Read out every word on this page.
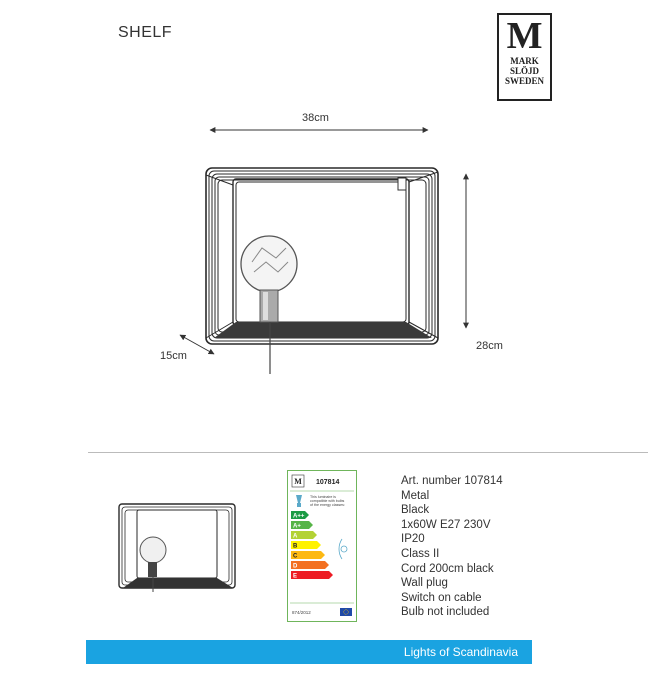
SHELF	M
MARK
SLÖJD
SWEDEN
38cm
28cm
15cm
M 107814
This luminaire is
compatible with bulbs
of the energy classes:
A++
A+
A
B
C
D
E
874/2012
Art. number 107814
Metal
Black
1x60W E27 230V
IP20
Class II
Cord 200cm black
Wall plug
Switch on cable
Bulb not included
Lights of Scandinavia
